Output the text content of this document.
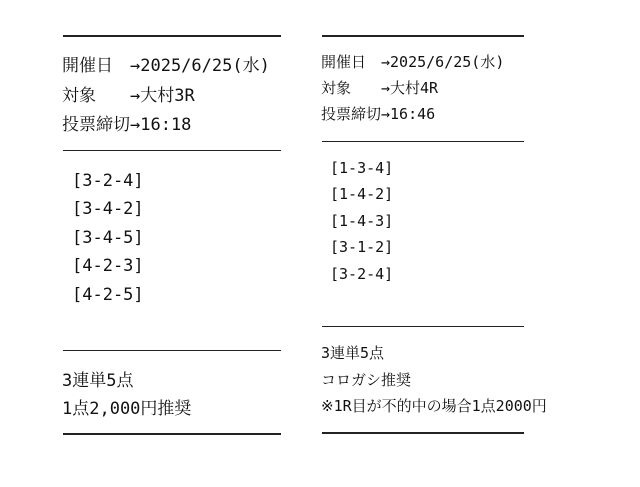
開催日　→2025/6/25(水)
対象　　→大村3R
投票締切→16:18
[3-2-4]
[3-4-2]
[3-4-5]
[4-2-3]
[4-2-5]
3連単5点
1点2,000円推奨
開催日　→2025/6/25(水)
対象　　→大村4R
投票締切→16:46
[1-3-4]
[1-4-2]
[1-4-3]
[3-1-2]
[3-2-4]
3連単5点
コロガシ推奨
※1R目が不的中の場合1点2000円
